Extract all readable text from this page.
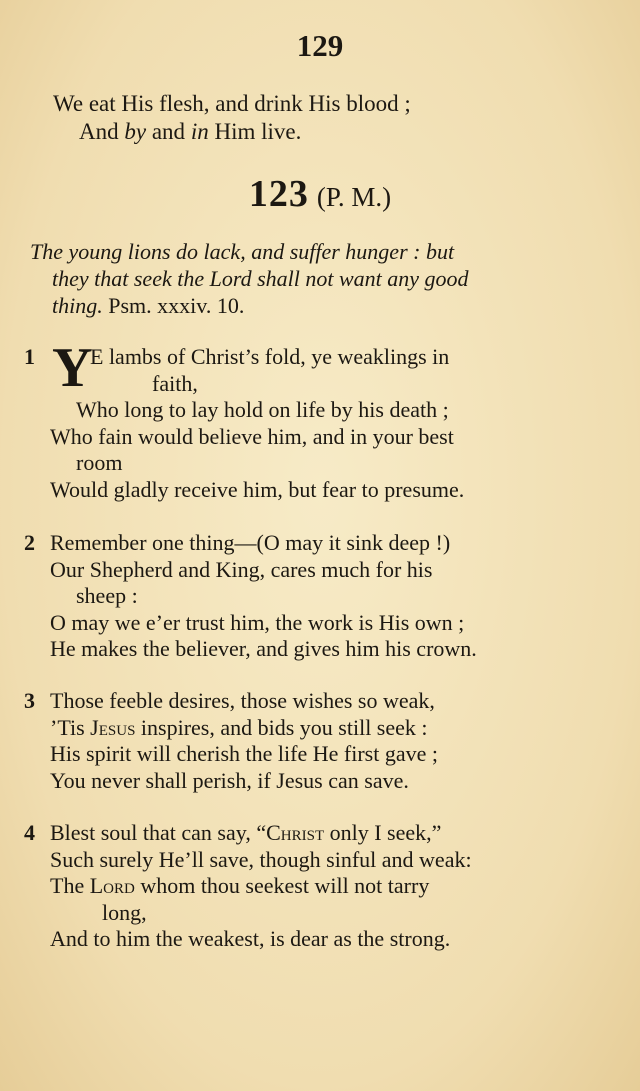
129
We eat His flesh, and drink His blood ;
And by and in Him live.
123 (P. M.)
The young lions do lack, and suffer hunger : but
they that seek the Lord shall not want any good
thing. Psm. xxxiv. 10.
Y
1	E lambs of Christ’s fold, ye weaklings in
faith,
Who long to lay hold on life by his death ;
Who fain would believe him, and in your best
room
Would gladly receive him, but fear to presume.
2 Remember one thing—(O may it sink deep !)
Our Shepherd and King, cares much for his
sheep :
O may we e’er trust him, the work is His own ;
He makes the believer, and gives him his crown.
3 Those feeble desires, those wishes so weak,
’Tis Jesus inspires, and bids you still seek :
His spirit will cherish the life He first gave ;
You never shall perish, if Jesus can save.
4 Blest soul that can say, “Christ only I seek,”
Such surely He’ll save, though sinful and weak:
The Lord whom thou seekest will not tarry
long,
And to him the weakest, is dear as the strong.
